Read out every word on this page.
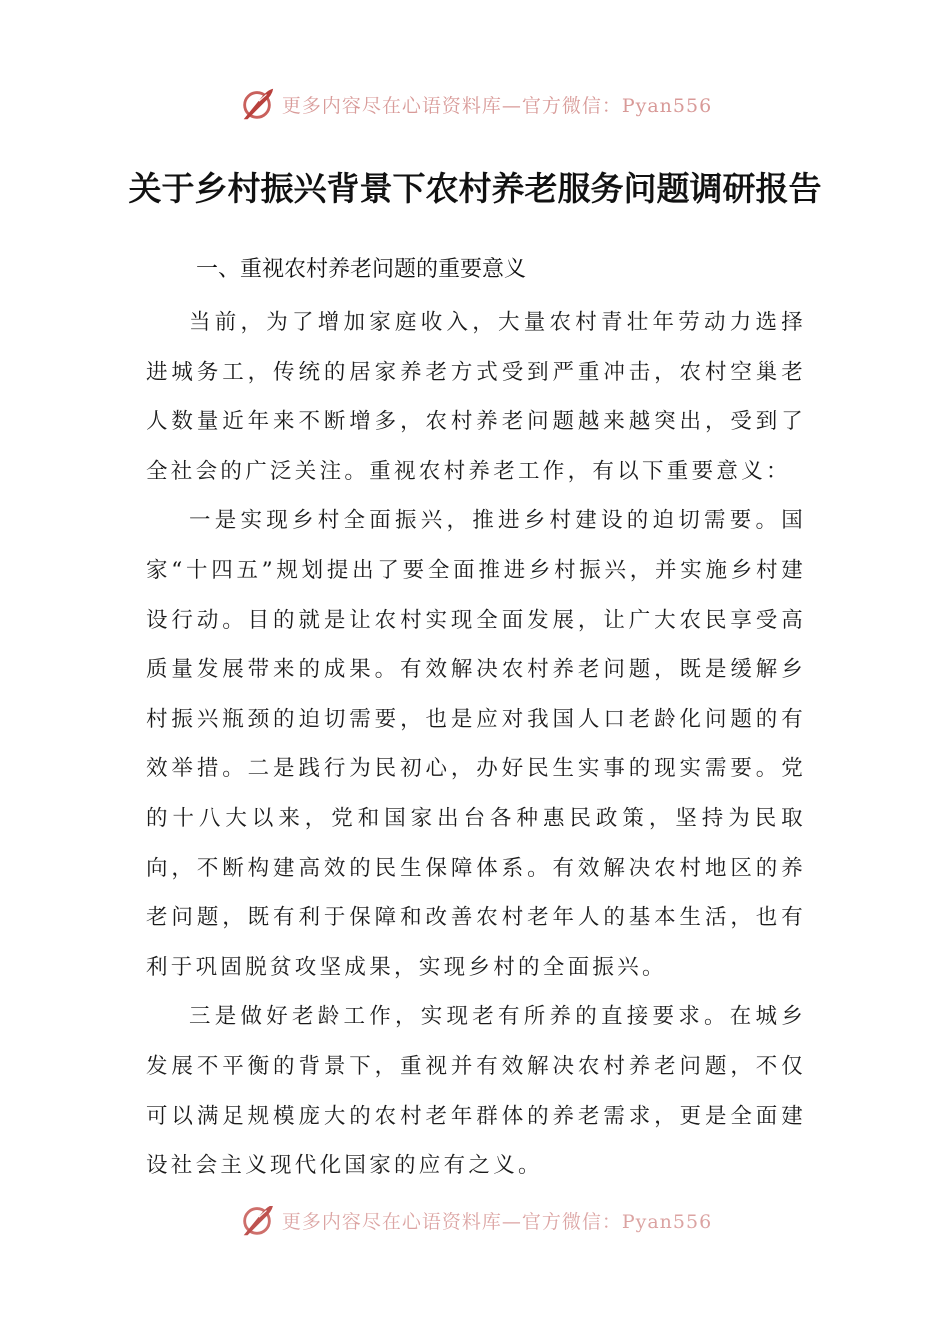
更多内容尽在心语资料库—官方微信：Pyan556
关于乡村振兴背景下农村养老服务问题调研报告
一、重视农村养老问题的重要意义

当前，为了增加家庭收入，大量农村青壮年劳动力选择进城务工，传统的居家养老方式受到严重冲击，农村空巢老人数量近年来不断增多，农村养老问题越来越突出，受到了全社会的广泛关注。重视农村养老工作，有以下重要意义：

一是实现乡村全面振兴，推进乡村建设的迫切需要。国家“十四五”规划提出了要全面推进乡村振兴，并实施乡村建设行动。目的就是让农村实现全面发展，让广大农民享受高质量发展带来的成果。有效解决农村养老问题，既是缓解乡村振兴瓶颈的迫切需要，也是应对我国人口老龄化问题的有效举措。二是践行为民初心，办好民生实事的现实需要。党的十八大以来，党和国家出台各种惠民政策，坚持为民取向，不断构建高效的民生保障体系。有效解决农村地区的养老问题，既有利于保障和改善农村老年人的基本生活，也有利于巩固脱贫攻坚成果，实现乡村的全面振兴。

三是做好老龄工作，实现老有所养的直接要求。在城乡发展不平衡的背景下，重视并有效解决农村养老问题，不仅可以满足规模庞大的农村老年群体的养老需求，更是全面建设社会主义现代化国家的应有之义。

更多内容尽在心语资料库—官方微信：Pyan556
